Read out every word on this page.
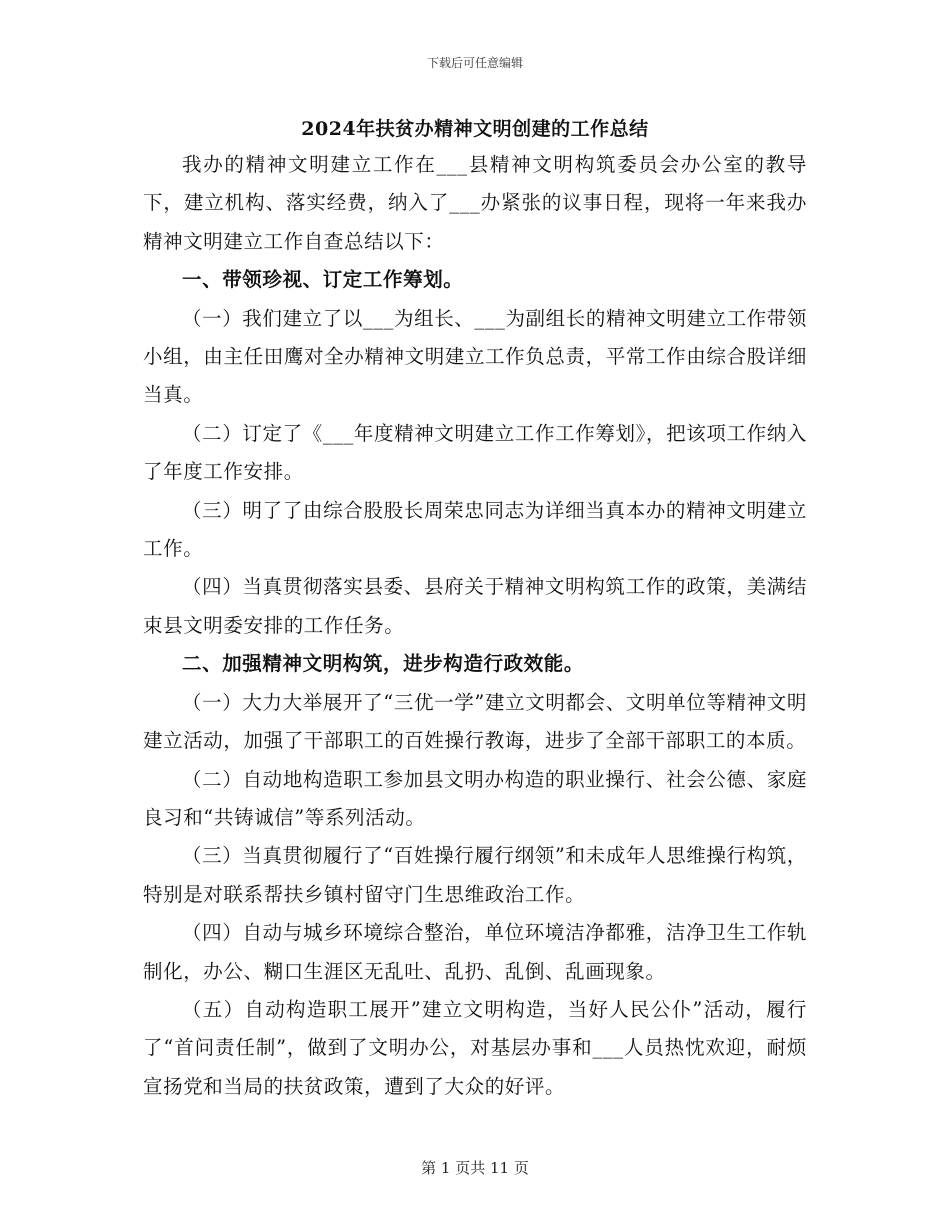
下载后可任意编辑
2024年扶贫办精神文明创建的工作总结

我办的精神文明建立工作在___县精神文明构筑委员会办公室的教导下，建立机构、落实经费，纳入了___办紧张的议事日程，现将一年来我办精神文明建立工作自查总结以下：

一、带领珍视、订定工作筹划。

（一）我们建立了以___为组长、___为副组长的精神文明建立工作带领小组，由主任田鹰对全办精神文明建立工作负总责，平常工作由综合股详细当真。

（二）订定了《___年度精神文明建立工作工作筹划》，把该项工作纳入了年度工作安排。

（三）明了了由综合股股长周荣忠同志为详细当真本办的精神文明建立工作。

（四）当真贯彻落实县委、县府关于精神文明构筑工作的政策，美满结束县文明委安排的工作任务。

二、加强精神文明构筑，进步构造行政效能。

（一）大力大举展开了“三优一学”建立文明都会、文明单位等精神文明建立活动，加强了干部职工的百姓操行教诲，进步了全部干部职工的本质。

（二）自动地构造职工参加县文明办构造的职业操行、社会公德、家庭良习和“共铸诚信”等系列活动。

（三）当真贯彻履行了“百姓操行履行纲领”和未成年人思维操行构筑，特别是对联系帮扶乡镇村留守门生思维政治工作。

（四）自动与城乡环境综合整治，单位环境洁净都雅，洁净卫生工作轨制化，办公、糊口生涯区无乱吐、乱扔、乱倒、乱画现象。

（五）自动构造职工展开”建立文明构造，当好人民公仆”活动，履行了“首问责任制”，做到了文明办公，对基层办事和___人员热忱欢迎，耐烦宣扬党和当局的扶贫政策，遭到了大众的好评。

第 1 页共 11 页
